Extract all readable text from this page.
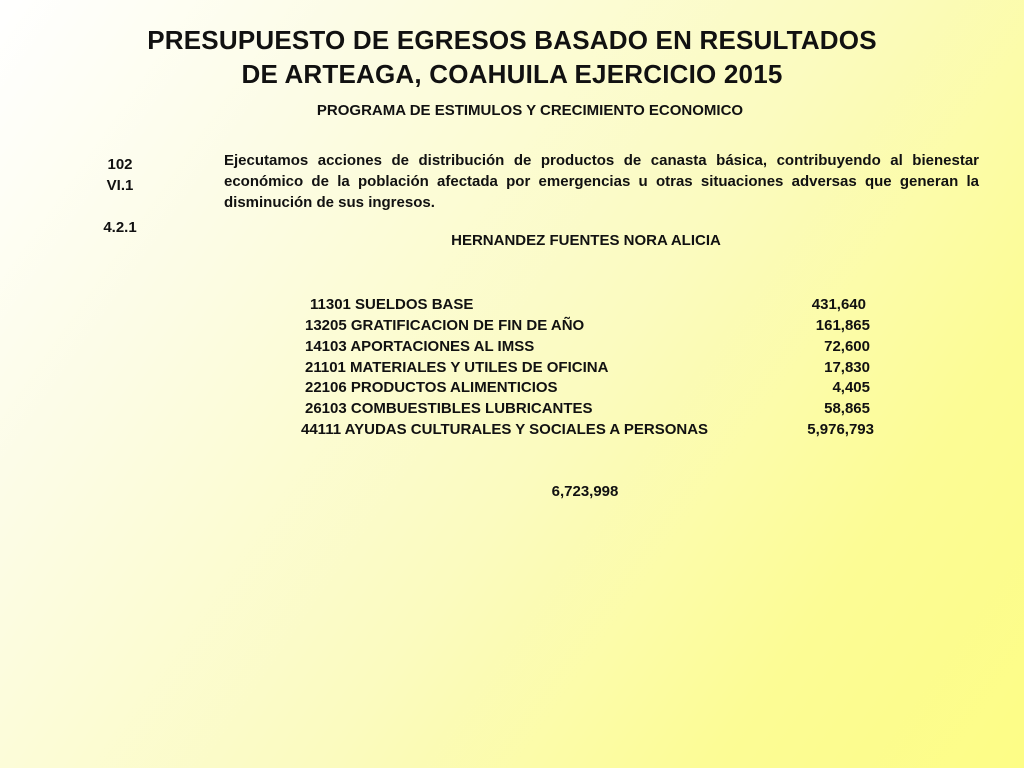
PRESUPUESTO DE EGRESOS BASADO EN RESULTADOS
DE ARTEAGA, COAHUILA EJERCICIO 2015
PROGRAMA DE ESTIMULOS Y CRECIMIENTO ECONOMICO
102
VI.1
4.2.1
Ejecutamos acciones de distribución de productos de canasta básica, contribuyendo al bienestar económico de la población afectada por emergencias u otras situaciones adversas que generan la disminución de sus ingresos.
HERNANDEZ FUENTES NORA ALICIA
11301 SUELDOS BASE	431,640
13205 GRATIFICACION DE FIN DE AÑO	161,865
14103 APORTACIONES AL IMSS	72,600
21101 MATERIALES Y UTILES DE OFICINA	17,830
22106 PRODUCTOS ALIMENTICIOS	4,405
26103 COMBUESTIBLES LUBRICANTES	58,865
44111 AYUDAS CULTURALES Y SOCIALES A PERSONAS	5,976,793
6,723,998
